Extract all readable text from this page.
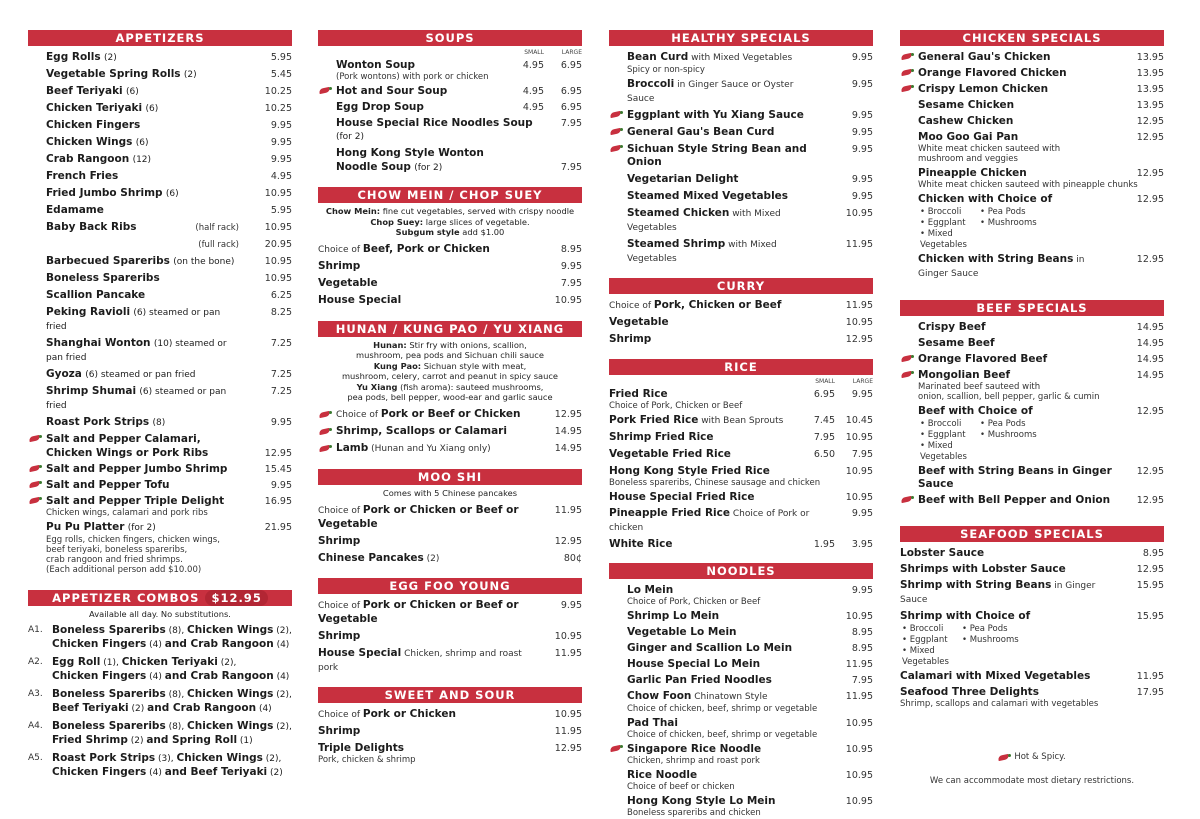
APPETIZERS
Egg Rolls (2)	5.95
Vegetable Spring Rolls (2)	5.45
Beef Teriyaki (6)	10.25
Chicken Teriyaki (6)	10.25
Chicken Fingers	9.95
Chicken Wings (6)	9.95
Crab Rangoon (12)	9.95
French Fries	4.95
Fried Jumbo Shrimp (6)	10.95
Edamame	5.95
Baby Back Ribs	(half rack)	10.95
(full rack)	20.95
Barbecued Spareribs (on the bone)	10.95
Boneless Spareribs	10.95
Scallion Pancake	6.25
Peking Ravioli (6) steamed or pan fried
8.25
Shanghai Wonton (10) steamed or pan fried
7.25
Gyoza (6) steamed or pan fried	7.25
Shrimp Shumai (6) steamed or pan fried
7.25
Roast Pork Strips (8)	9.95
Salt and Pepper Calamari,
Chicken Wings or Pork Ribs	12.95
Salt and Pepper Jumbo Shrimp	15.45
Salt and Pepper Tofu	9.95
Salt and Pepper Triple Delight	16.95
Chicken wings, calamari and pork ribs
Pu Pu Platter (for 2)	21.95
Egg rolls, chicken fingers, chicken wings,
beef teriyaki, boneless spareribs,
crab rangoon and fried shrimps.
(Each additional person add $10.00)
APPETIZER COMBOS $12.95
Available all day. No substitutions.
A1. Boneless Spareribs (8), Chicken Wings (2),
Chicken Fingers (4) and Crab Rangoon (4)
A2. Egg Roll (1), Chicken Teriyaki (2),
Chicken Fingers (4) and Crab Rangoon (4)
A3. Boneless Spareribs (8), Chicken Wings (2),
Beef Teriyaki (2) and Crab Rangoon (4)
A4. Boneless Spareribs (8), Chicken Wings (2),
Fried Shrimp (2) and Spring Roll (1)
A5. Roast Pork Strips (3), Chicken Wings (2),
Chicken Fingers (4) and Beef Teriyaki (2)
SOUPS
SMALL	LARGE
Wonton Soup	4.95	6.95
(Pork wontons) with pork or chicken
Hot and Sour Soup	4.95	6.95
Egg Drop Soup	4.95	6.95
House Special Rice Noodles Soup (for 2)
7.95
Hong Kong Style Wonton
Noodle Soup (for 2)	7.95
CHOW MEIN / CHOP SUEY
Chow Mein: fine cut vegetables, served with crispy noodle
Chop Suey: large slices of vegetable.
Subgum style add $1.00
Choice of Beef, Pork or Chicken	8.95
Shrimp	9.95
Vegetable	7.95
House Special	10.95
HUNAN / KUNG PAO / YU XIANG
Hunan: Stir fry with onions, scallion,
mushroom, pea pods and Sichuan chili sauce
Kung Pao: Sichuan style with meat,
mushroom, celery, carrot and peanut in spicy sauce
Yu Xiang (fish aroma): sauteed mushrooms,
pea pods, bell pepper, wood-ear and garlic sauce
Choice of Pork or Beef or Chicken	12.95
Shrimp, Scallops or Calamari	14.95
Lamb (Hunan and Yu Xiang only)	14.95
MOO SHI
Comes with 5 Chinese pancakes
Choice of Pork or Chicken or Beef or Vegetable
11.95
Shrimp	12.95
Chinese Pancakes (2)	80¢
EGG FOO YOUNG
Choice of Pork or Chicken or Beef or Vegetable
9.95
Shrimp	10.95
House Special Chicken, shrimp and roast pork
11.95
SWEET AND SOUR
Choice of Pork or Chicken	10.95
Shrimp	11.95
Triple Delights	12.95
Pork, chicken & shrimp
HEALTHY SPECIALS
Bean Curd with Mixed Vegetables	9.95
Spicy or non-spicy
Broccoli in Ginger Sauce or Oyster Sauce
9.95
Eggplant with Yu Xiang Sauce	9.95
General Gau's Bean Curd	9.95
Sichuan Style String Bean and Onion
9.95
Vegetarian Delight	9.95
Steamed Mixed Vegetables	9.95
Steamed Chicken with Mixed Vegetables
10.95
Steamed Shrimp with Mixed Vegetables
11.95
CURRY
Choice of Pork, Chicken or Beef	11.95
Vegetable	10.95
Shrimp	12.95
RICE
SMALL	LARGE
Fried Rice	6.95	9.95
Choice of Pork, Chicken or Beef
Pork Fried Rice with Bean Sprouts	7.45	10.45
Shrimp Fried Rice	7.95	10.95
Vegetable Fried Rice	6.50	7.95
Hong Kong Style Fried Rice	10.95
Boneless spareribs, Chinese sausage and chicken
House Special Fried Rice	10.95
Pineapple Fried Rice Choice of Pork or chicken
9.95
White Rice	1.95	3.95
NOODLES
Lo Mein	9.95
Choice of Pork, Chicken or Beef
Shrimp Lo Mein	10.95
Vegetable Lo Mein	8.95
Ginger and Scallion Lo Mein	8.95
House Special Lo Mein	11.95
Garlic Pan Fried Noodles	7.95
Chow Foon Chinatown Style	11.95
Choice of chicken, beef, shrimp or vegetable
Pad Thai	10.95
Choice of chicken, beef, shrimp or vegetable
Singapore Rice Noodle	10.95
Chicken, shrimp and roast pork
Rice Noodle	10.95
Choice of beef or chicken
Hong Kong Style Lo Mein	10.95
Boneless spareribs and chicken
CHICKEN SPECIALS
General Gau's Chicken	13.95
Orange Flavored Chicken	13.95
Crispy Lemon Chicken	13.95
Sesame Chicken	13.95
Cashew Chicken	12.95
Moo Goo Gai Pan	12.95
White meat chicken sauteed with
mushroom and veggies
Pineapple Chicken	12.95
White meat chicken sauteed with pineapple chunks
Chicken with Choice of	12.95
• Broccoli	• Pea Pods
• Eggplant	• Mushrooms
• Mixed Vegetables
Chicken with String Beans in Ginger Sauce
12.95
BEEF SPECIALS
Crispy Beef	14.95
Sesame Beef	14.95
Orange Flavored Beef	14.95
Mongolian Beef	14.95
Marinated beef sauteed with
onion, scallion, bell pepper, garlic & cumin
Beef with Choice of	12.95
• Broccoli	• Pea Pods
• Eggplant	• Mushrooms
• Mixed Vegetables
Beef with String Beans in Ginger Sauce
12.95
Beef with Bell Pepper and Onion	12.95
SEAFOOD SPECIALS
Lobster Sauce	8.95
Shrimps with Lobster Sauce	12.95
Shrimp with String Beans in Ginger Sauce
15.95
Shrimp with Choice of	15.95
• Broccoli	• Pea Pods
• Eggplant	• Mushrooms
• Mixed Vegetables
Calamari with Mixed Vegetables	11.95
Seafood Three Delights	17.95
Shrimp, scallops and calamari with vegetables
Hot & Spicy.
We can accommodate most dietary restrictions.
